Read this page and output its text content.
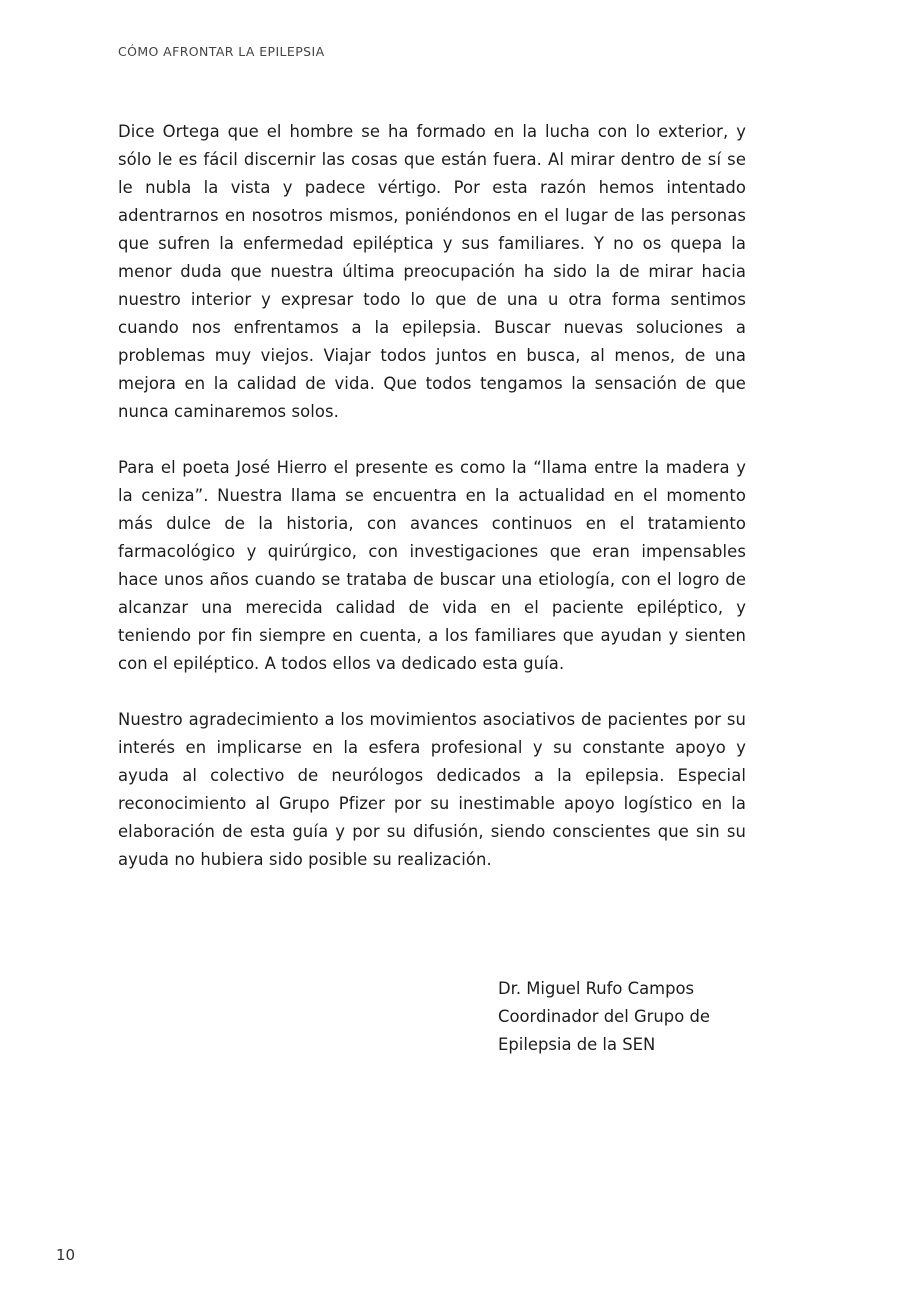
CÓMO AFRONTAR LA EPILEPSIA

Dice Ortega que el hombre se ha formado en la lucha con lo exterior, y sólo le es fácil discernir las cosas que están fuera. Al mirar dentro de sí se le nubla la vista y padece vértigo. Por esta razón hemos intentado adentrarnos en nosotros mismos, poniéndonos en el lugar de las personas que sufren la enfermedad epiléptica y sus familiares. Y no os quepa la menor duda que nuestra última preocupación ha sido la de mirar hacia nuestro interior y expresar todo lo que de una u otra forma sentimos cuando nos enfrentamos a la epilepsia. Buscar nuevas soluciones a problemas muy viejos. Viajar todos juntos en busca, al menos, de una mejora en la calidad de vida. Que todos tengamos la sensación de que nunca caminaremos solos.

Para el poeta José Hierro el presente es como la “llama entre la madera y la ceniza”. Nuestra llama se encuentra en la actualidad en el momento más dulce de la historia, con avances continuos en el tratamiento farmacológico y quirúrgico, con investigaciones que eran impensables hace unos años cuando se trataba de buscar una etiología, con el logro de alcanzar una merecida calidad de vida en el paciente epiléptico, y teniendo por fin siempre en cuenta, a los familiares que ayudan y sienten con el epiléptico. A todos ellos va dedicado esta guía.

Nuestro agradecimiento a los movimientos asociativos de pacientes por su interés en implicarse en la esfera profesional y su constante apoyo y ayuda al colectivo de neurólogos dedicados a la epilepsia. Especial reconocimiento al Grupo Pfizer por su inestimable apoyo logístico en la elaboración de esta guía y por su difusión, siendo conscientes que sin su ayuda no hubiera sido posible su realización.

Dr. Miguel Rufo Campos
Coordinador del Grupo de
Epilepsia de la SEN
10
